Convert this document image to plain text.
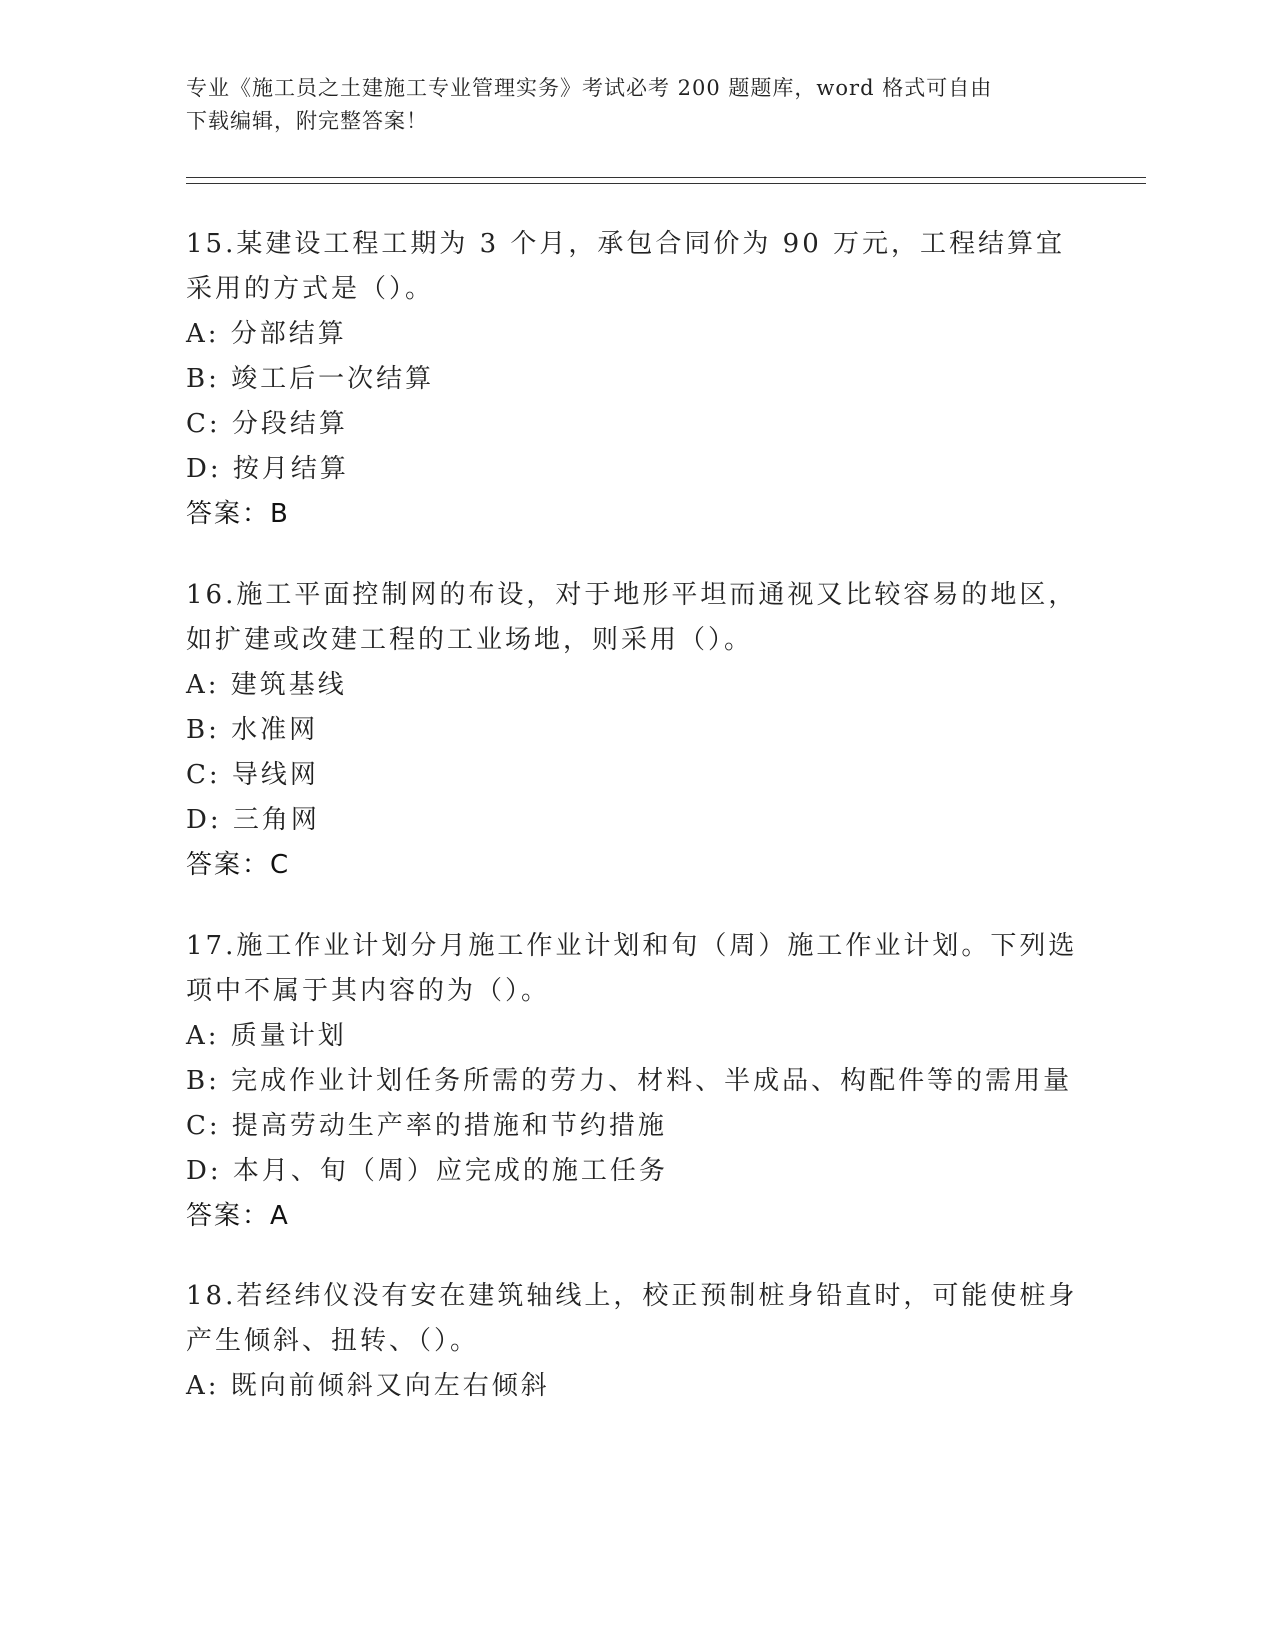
专业《施工员之土建施工专业管理实务》考试必考 200 题题库，word 格式可自由
下载编辑，附完整答案！
15.某建设工程工期为 3 个月，承包合同价为 90 万元，工程结算宜采用的方式是（）。
A: 分部结算
B: 竣工后一次结算
C: 分段结算
D: 按月结算
答案：B
16.施工平面控制网的布设，对于地形平坦而通视又比较容易的地区，如扩建或改建工程的工业场地，则采用（）。
A: 建筑基线
B: 水准网
C: 导线网
D: 三角网
答案：C
17.施工作业计划分月施工作业计划和旬（周）施工作业计划。下列选项中不属于其内容的为（）。
A: 质量计划
B: 完成作业计划任务所需的劳力、材料、半成品、构配件等的需用量
C: 提高劳动生产率的措施和节约措施
D: 本月、旬（周）应完成的施工任务
答案：A
18.若经纬仪没有安在建筑轴线上，校正预制桩身铅直时，可能使桩身产生倾斜、扭转、（）。
A: 既向前倾斜又向左右倾斜
